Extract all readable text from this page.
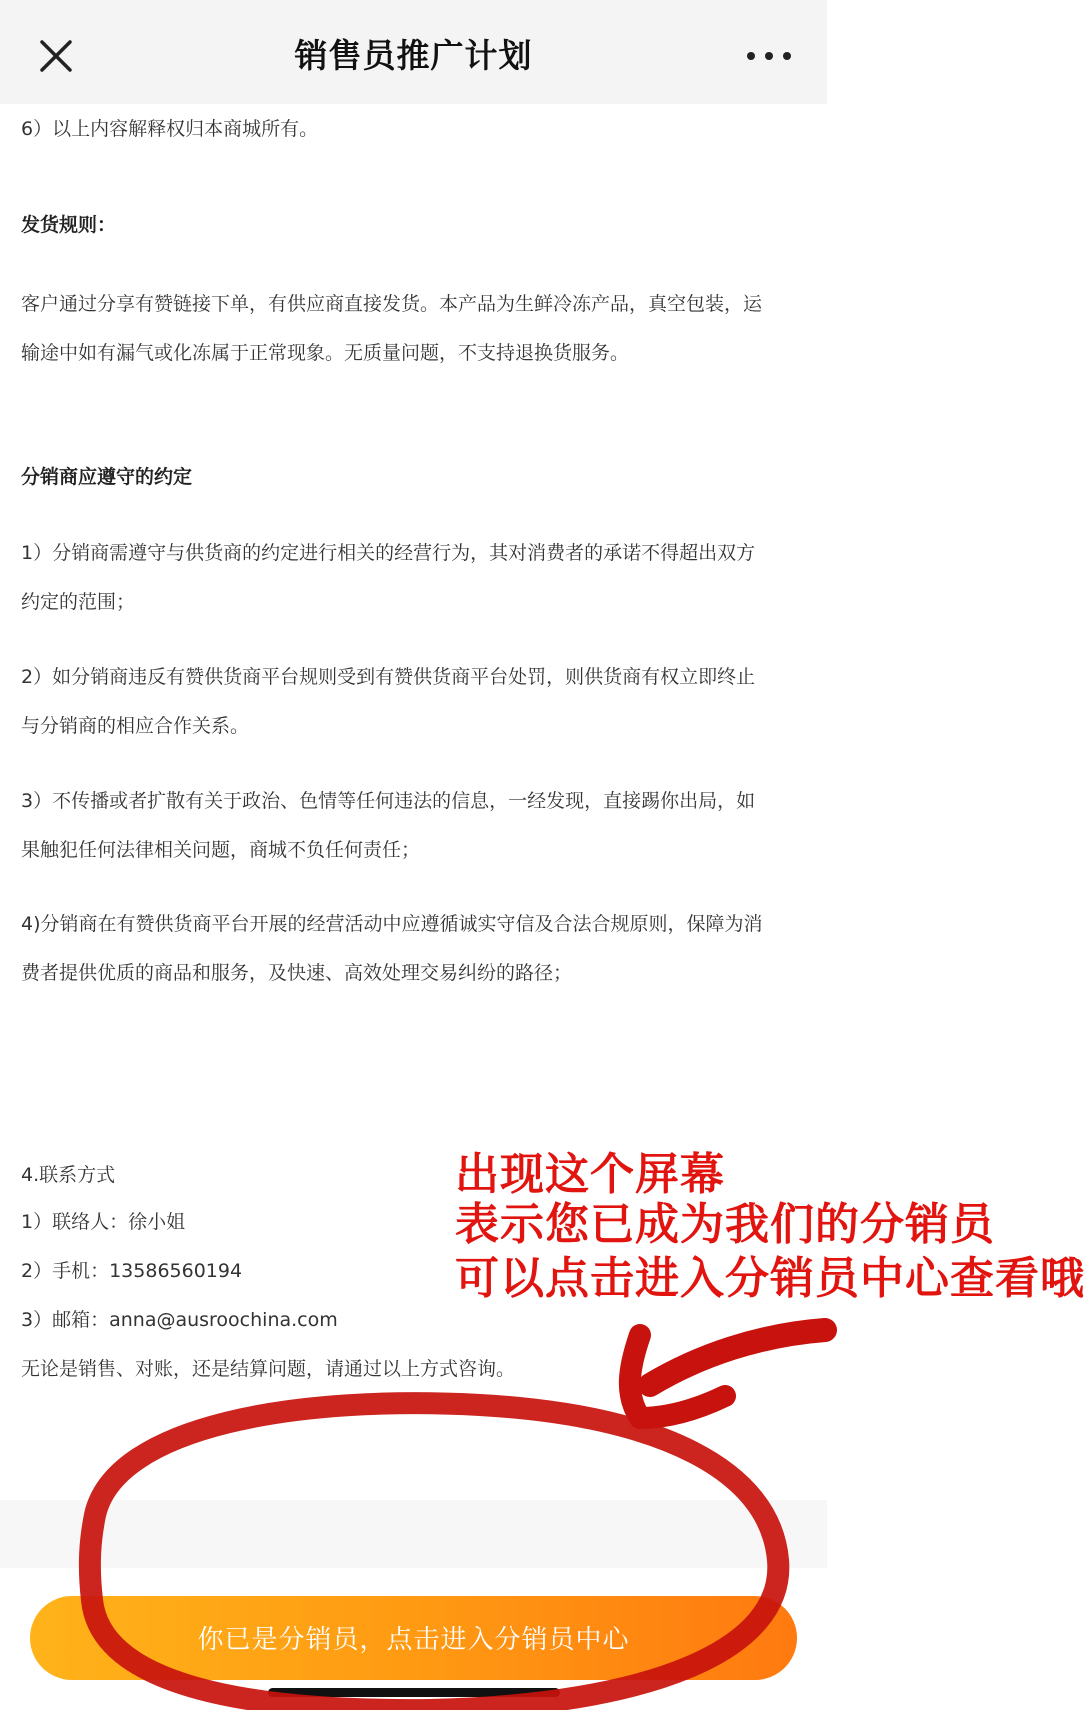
销售员推广计划
6）以上内容解释权归本商城所有。
发货规则：
客户通过分享有赞链接下单，有供应商直接发货。本产品为生鲜冷冻产品，真空包装，运
输途中如有漏气或化冻属于正常现象。无质量问题，不支持退换货服务。
分销商应遵守的约定
1）分销商需遵守与供货商的约定进行相关的经营行为，其对消费者的承诺不得超出双方
约定的范围；
2）如分销商违反有赞供货商平台规则受到有赞供货商平台处罚，则供货商有权立即终止
与分销商的相应合作关系。
3）不传播或者扩散有关于政治、色情等任何违法的信息，一经发现，直接踢你出局，如
果触犯任何法律相关问题，商城不负任何责任；
4)分销商在有赞供货商平台开展的经营活动中应遵循诚实守信及合法合规原则，保障为消
费者提供优质的商品和服务，及快速、高效处理交易纠纷的路径；
4.联系方式
1）联络人：徐小姐
2）手机：13586560194
3）邮箱：anna@ausroochina.com
无论是销售、对账，还是结算问题，请通过以上方式咨询。
你已是分销员，点击进入分销员中心
出现这个屏幕
表示您已成为我们的分销员
可以点击进入分销员中心查看哦
